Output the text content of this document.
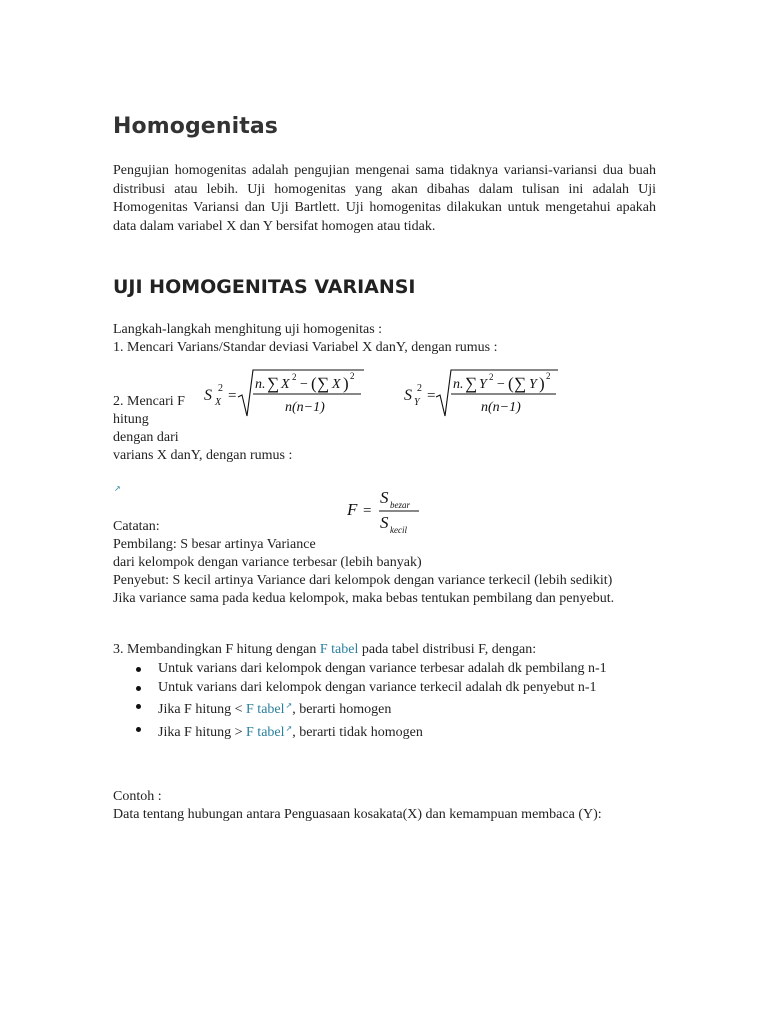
Homogenitas
Pengujian homogenitas adalah pengujian mengenai sama tidaknya variansi-variansi dua buah distribusi atau lebih. Uji homogenitas yang akan dibahas dalam tulisan ini adalah Uji Homogenitas Variansi dan Uji Bartlett. Uji homogenitas dilakukan untuk mengetahui apakah data dalam variabel X dan Y bersifat homogen atau tidak.
UJI HOMOGENITAS VARIANSI
Langkah-langkah menghitung uji homogenitas :
1. Mencari Varians/Standar deviasi Variabel X danY, dengan rumus :
S X
2 =
n. ∑ X 2 − ( ∑ X ) 2
n(n−1)
S Y
2 =
n. ∑ Y 2 − ( ∑ Y ) 2
n(n−1)
2. Mencari F
hitung
dengan dari
varians X danY, dengan rumus :
↗
F =
S bezar
S kecil
Catatan:
Pembilang: S besar artinya Variance
dari kelompok dengan variance terbesar (lebih banyak)
Penyebut: S kecil artinya Variance dari kelompok dengan variance terkecil (lebih sedikit)
Jika variance sama pada kedua kelompok, maka bebas tentukan pembilang dan penyebut.
3. Membandingkan F hitung dengan F tabel pada tabel distribusi F, dengan:
Untuk varians dari kelompok dengan variance terbesar adalah dk pembilang n-1
Untuk varians dari kelompok dengan variance terkecil adalah dk penyebut n-1
Jika F hitung < F tabel↗, berarti homogen
Jika F hitung > F tabel↗, berarti tidak homogen
Contoh :
Data tentang hubungan antara Penguasaan kosakata(X) dan kemampuan membaca (Y):
